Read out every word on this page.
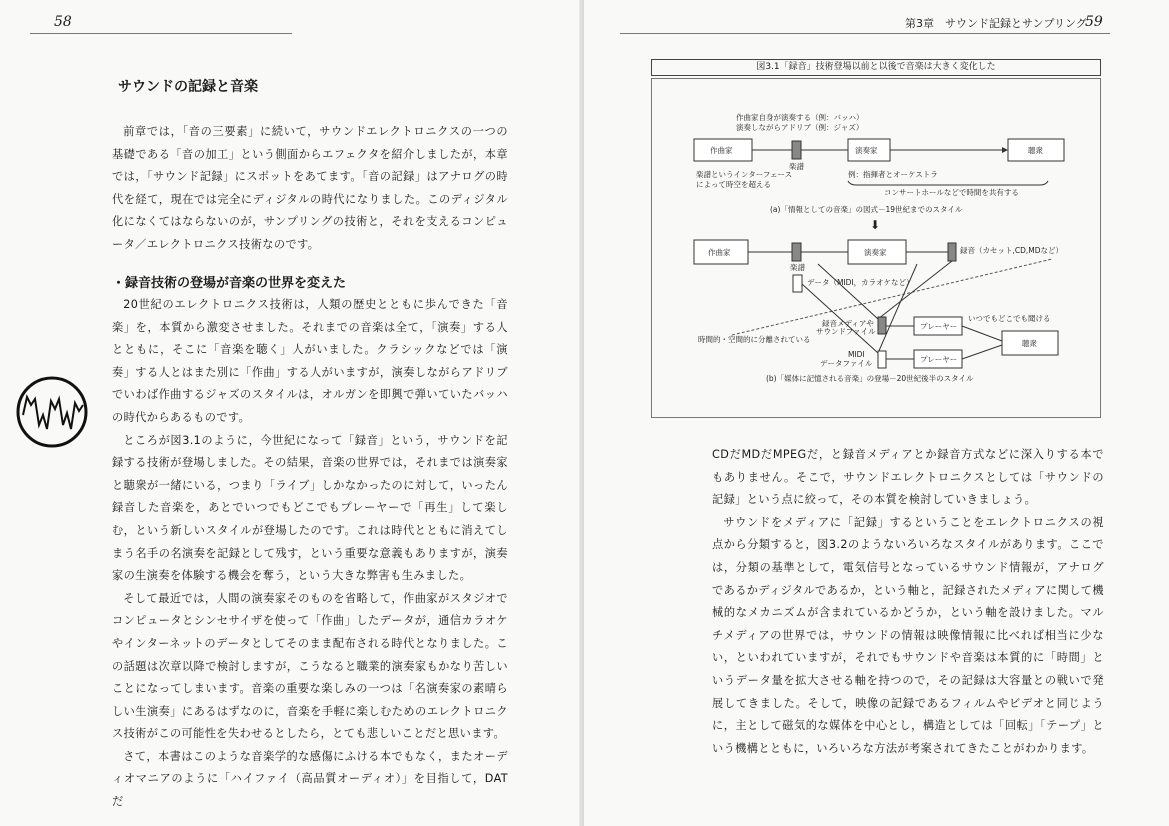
58
サウンドの記録と音楽

前章では，「音の三要素」に続いて，サウンドエレクトロニクスの一つの基礎である「音の加工」という側面からエフェクタを紹介しましたが，本章では，「サウンド記録」にスポットをあてます。「音の記録」はアナログの時代を経て，現在では完全にディジタルの時代になりました。このディジタル化になくてはならないのが，サンプリングの技術と，それを支えるコンピュータ／エレクトロニクス技術なのです。

・録音技術の登場が音楽の世界を変えた

20世紀のエレクトロニクス技術は，人類の歴史とともに歩んできた「音楽」を，本質から激変させました。それまでの音楽は全て，「演奏」する人とともに，そこに「音楽を聴く」人がいました。クラシックなどでは「演奏」する人とはまた別に「作曲」する人がいますが，演奏しながらアドリブでいわば作曲するジャズのスタイルは，オルガンを即興で弾いていたバッハの時代からあるものです。

ところが図3.1のように，今世紀になって「録音」という，サウンドを記録する技術が登場しました。その結果，音楽の世界では，それまでは演奏家と聴衆が一緒にいる，つまり「ライブ」しかなかったのに対して，いったん録音した音楽を，あとでいつでもどこでもプレーヤーで「再生」して楽しむ，という新しいスタイルが登場したのです。これは時代とともに消えてしまう名手の名演奏を記録として残す，という重要な意義もありますが，演奏家の生演奏を体験する機会を奪う，という大きな弊害も生みました。

そして最近では，人間の演奏家そのものを省略して，作曲家がスタジオでコンピュータとシンセサイザを使って「作曲」したデータが，通信カラオケやインターネットのデータとしてそのまま配布される時代となりました。この話題は次章以降で検討しますが，こうなると職業的演奏家もかなり苦しいことになってしまいます。音楽の重要な楽しみの一つは「名演奏家の素晴らしい生演奏」にあるはずなのに，音楽を手軽に楽しむためのエレクトロニクス技術がこの可能性を失わせるとしたら，とても悲しいことだと思います。

さて，本書はこのような音楽学的な感傷にふける本でもなく，またオーディオマニアのように「ハイファイ（高品質オーディオ）」を目指して，DATだ

第3章　サウンド記録とサンプリング
59
図3.1「録音」技術登場以前と以後で音楽は大きく変化した
作曲家自身が演奏する（例：バッハ）
演奏しながらアドリブ（例：ジャズ）
作曲家
楽譜
演奏家	聴衆
楽譜というインターフェース
によって時空を超える
例：指揮者とオーケストラ
コンサートホールなどで時間を共有する
(a)「情報としての音楽」の図式－19世紀までのスタイル
⬇
作曲家
楽譜
演奏家	録音（カセット,CD,MDなど）
データ（MIDI，カラオケなど）
録音メディアや
サウンドファイル
時間的・空間的に分離されている
MIDI
データファイル
プレーヤー
プレーヤー
いつでもどこでも聞ける
聴衆
(b)「媒体に記憶される音楽」の登場－20世紀後半のスタイル

CDだMDだMPEGだ，と録音メディアとか録音方式などに深入りする本でもありません。そこで，サウンドエレクトロニクスとしては「サウンドの記録」という点に絞って，その本質を検討していきましょう。

サウンドをメディアに「記録」するということをエレクトロニクスの視点から分類すると，図3.2のようないろいろなスタイルがあります。ここでは，分類の基準として，電気信号となっているサウンド情報が，アナログであるかディジタルであるか，という軸と，記録されたメディアに関して機械的なメカニズムが含まれているかどうか，という軸を設けました。マルチメディアの世界では，サウンドの情報は映像情報に比べれば相当に少ない，といわれていますが，それでもサウンドや音楽は本質的に「時間」というデータ量を拡大させる軸を持つので，その記録は大容量との戦いで発展してきました。そして，映像の記録であるフィルムやビデオと同じように，主として磁気的な媒体を中心とし，構造としては「回転」「テープ」という機構とともに，いろいろな方法が考案されてきたことがわかります。
